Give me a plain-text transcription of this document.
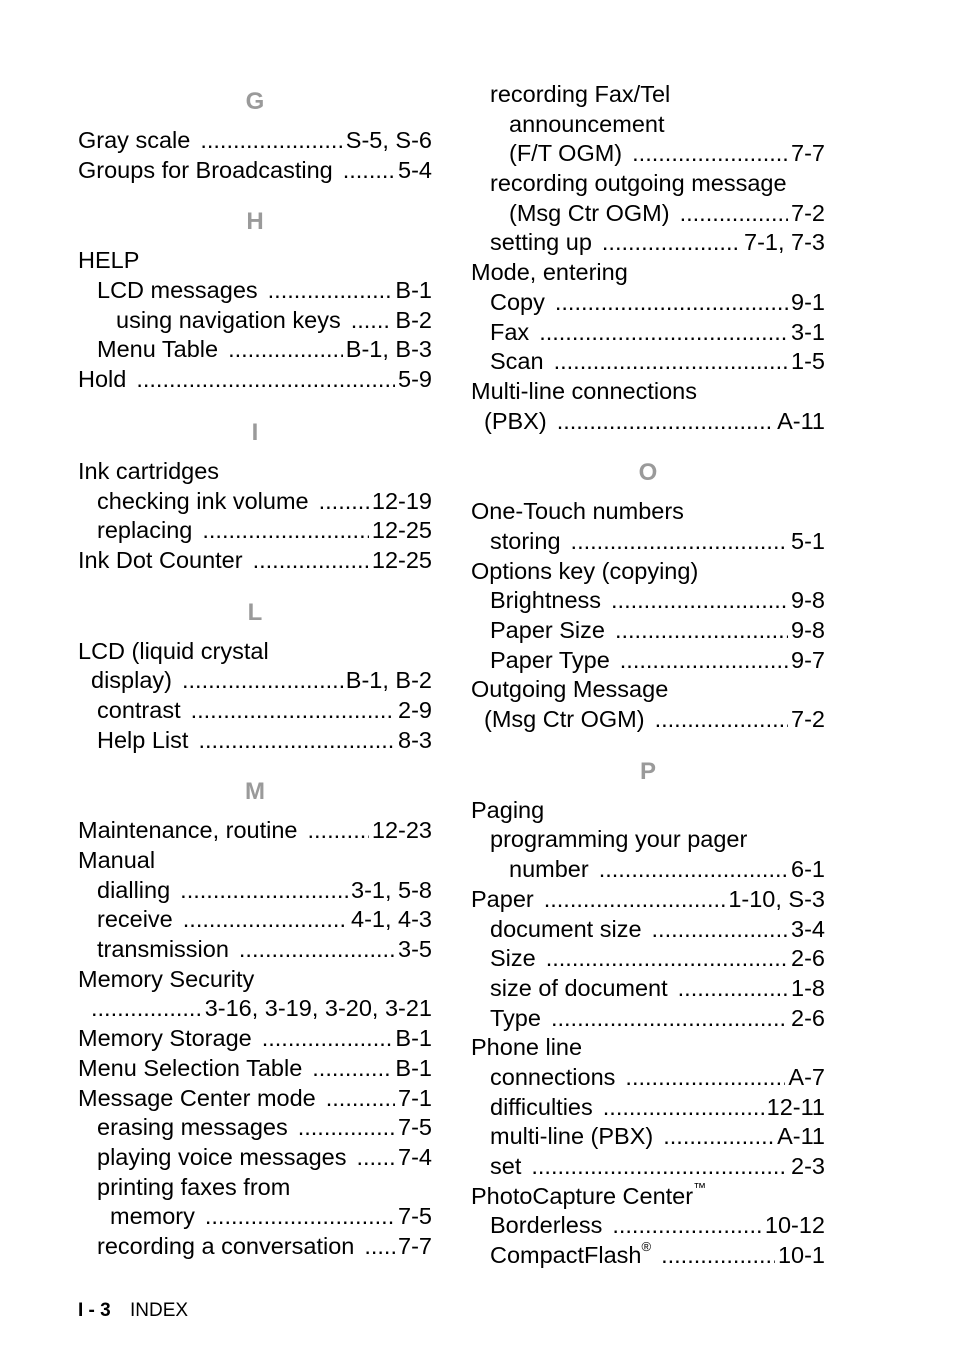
G
Gray scale .....	S-5, S-6
Groups for Broadcasting .....	5-4
H
HELP
LCD messages .....	B-1
using navigation keys ..... B-2
Menu Table .....	B-1, B-3
Hold .....	5-9
I
Ink cartridges
checking ink volume .....	12-19
replacing .....	12-25
Ink Dot Counter .....	12-25
L
LCD (liquid crystal
display) .....	B-1, B-2
contrast .....	2-9
Help List .....	8-3
M
Maintenance, routine .....	12-23
Manual
dialling .....	3-1, 5-8
receive .....	4-1, 4-3
transmission .....	3-5
Memory Security
.....
3-16, 3-19, 3-20, 3-21
Memory Storage .....	B-1
Menu Selection Table .....	B-1
Message Center mode .....	7-1
erasing messages .....	7-5
playing voice messages ..... 7-4
printing faxes from
memory .....	7-5
recording a conversation ..... 7-7
recording Fax/Tel
announcement
(F/T OGM) .....	7-7
recording outgoing message
(Msg Ctr OGM) .....	7-2
setting up .....	7-1, 7-3
Mode, entering
Copy .....	9-1
Fax .....	3-1
Scan .....	1-5
Multi-line connections
(PBX) .....	A-11
O
One-Touch numbers
storing .....	5-1
Options key (copying)
Brightness .....	9-8
Paper Size .....	9-8
Paper Type .....	9-7
Outgoing Message
(Msg Ctr OGM) .....	7-2
P
Paging
programming your pager
number .....	6-1
Paper .....	1-10, S-3
document size .....	3-4
Size .....	2-6
size of document .....	1-8
Type .....	2-6
Phone line
connections .....	A-7
difficulties .....	12-11
multi-line (PBX) .....	A-11
set .....	2-3
PhotoCapture Center™
Borderless .....	10-12
CompactFlash® .....	10-1
I - 3 INDEX
